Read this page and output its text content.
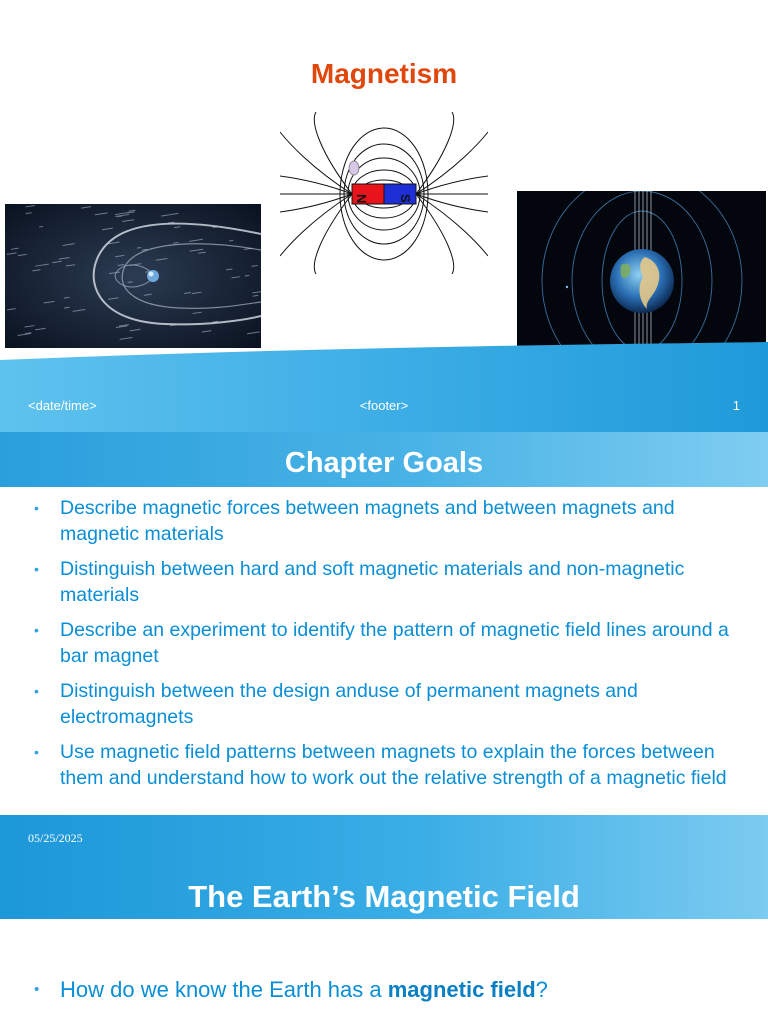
Magnetism
N S
<date/time>	<footer>	1
Chapter Goals
• Describe magnetic forces between magnets and between magnets and magnetic materials
• Distinguish between hard and soft magnetic materials and non-magnetic materials
• Describe an experiment to identify the pattern of magnetic field lines around a bar magnet
• Distinguish between the design anduse of permanent magnets and electromagnets
• Use magnetic field patterns between magnets to explain the forces between them and understand how to work out the relative strength of a magnetic field
05/25/2025
The Earth’s Magnetic Field
• How do we know the Earth has a magnetic field?
